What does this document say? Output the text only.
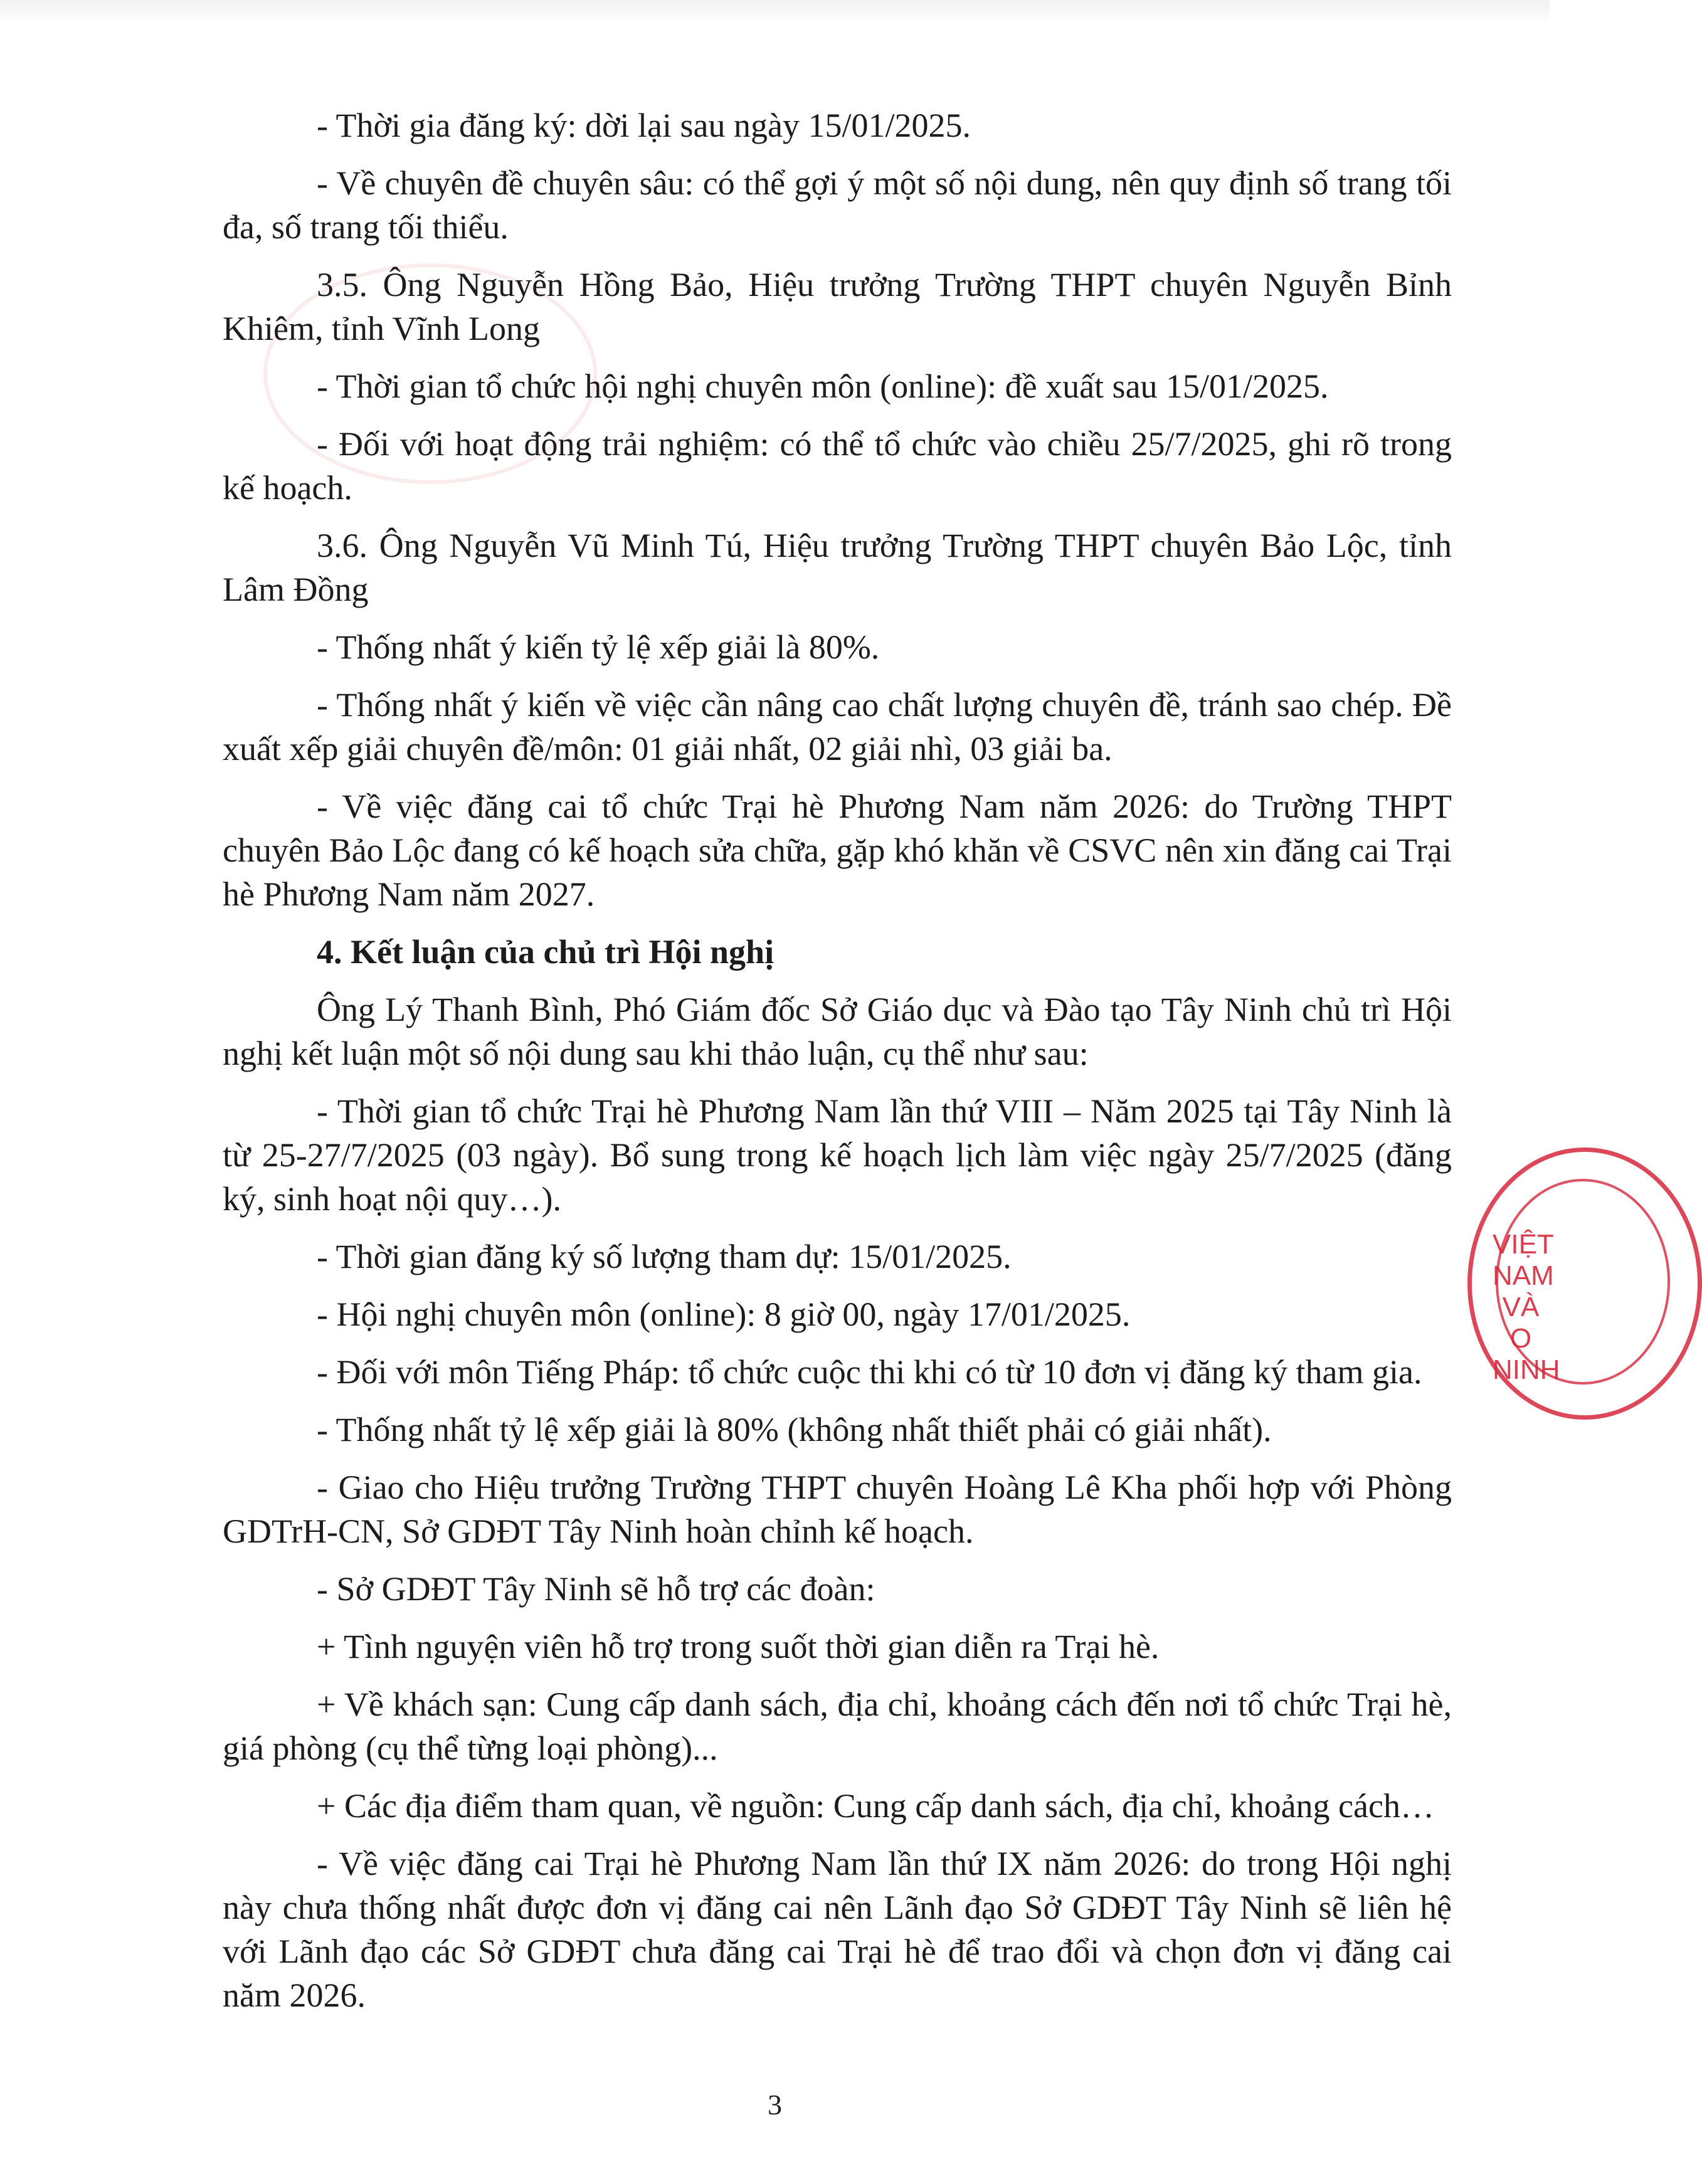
- Thời gia đăng ký: dời lại sau ngày 15/01/2025.

- Về chuyên đề chuyên sâu: có thể gợi ý một số nội dung, nên quy định số trang tối đa, số trang tối thiểu.

3.5. Ông Nguyễn Hồng Bảo, Hiệu trưởng Trường THPT chuyên Nguyễn Bỉnh Khiêm, tỉnh Vĩnh Long

- Thời gian tổ chức hội nghị chuyên môn (online): đề xuất sau 15/01/2025.

- Đối với hoạt động trải nghiệm: có thể tổ chức vào chiều 25/7/2025, ghi rõ trong kế hoạch.

3.6. Ông Nguyễn Vũ Minh Tú, Hiệu trưởng Trường THPT chuyên Bảo Lộc, tỉnh Lâm Đồng

- Thống nhất ý kiến tỷ lệ xếp giải là 80%.

- Thống nhất ý kiến về việc cần nâng cao chất lượng chuyên đề, tránh sao chép. Đề xuất xếp giải chuyên đề/môn: 01 giải nhất, 02 giải nhì, 03 giải ba.

- Về việc đăng cai tổ chức Trại hè Phương Nam năm 2026: do Trường THPT chuyên Bảo Lộc đang có kế hoạch sửa chữa, gặp khó khăn về CSVC nên xin đăng cai Trại hè Phương Nam năm 2027.

4. Kết luận của chủ trì Hội nghị

Ông Lý Thanh Bình, Phó Giám đốc Sở Giáo dục và Đào tạo Tây Ninh chủ trì Hội nghị kết luận một số nội dung sau khi thảo luận, cụ thể như sau:

- Thời gian tổ chức Trại hè Phương Nam lần thứ VIII – Năm 2025 tại Tây Ninh là từ 25-27/7/2025 (03 ngày). Bổ sung trong kế hoạch lịch làm việc ngày 25/7/2025 (đăng ký, sinh hoạt nội quy…).

- Thời gian đăng ký số lượng tham dự: 15/01/2025.

- Hội nghị chuyên môn (online): 8 giờ 00, ngày 17/01/2025.

- Đối với môn Tiếng Pháp: tổ chức cuộc thi khi có từ 10 đơn vị đăng ký tham gia.

- Thống nhất tỷ lệ xếp giải là 80% (không nhất thiết phải có giải nhất).

- Giao cho Hiệu trưởng Trường THPT chuyên Hoàng Lê Kha phối hợp với Phòng GDTrH-CN, Sở GDĐT Tây Ninh hoàn chỉnh kế hoạch.

- Sở GDĐT Tây Ninh sẽ hỗ trợ các đoàn:

+ Tình nguyện viên hỗ trợ trong suốt thời gian diễn ra Trại hè.

+ Về khách sạn: Cung cấp danh sách, địa chỉ, khoảng cách đến nơi tổ chức Trại hè, giá phòng (cụ thể từng loại phòng)...

+ Các địa điểm tham quan, về nguồn: Cung cấp danh sách, địa chỉ, khoảng cách…

- Về việc đăng cai Trại hè Phương Nam lần thứ IX năm 2026: do trong Hội nghị này chưa thống nhất được đơn vị đăng cai nên Lãnh đạo Sở GDĐT Tây Ninh sẽ liên hệ với Lãnh đạo các Sở GDĐT chưa đăng cai Trại hè để trao đổi và chọn đơn vị đăng cai năm 2026.

VIỆT NAM VÀ O NINH
3
